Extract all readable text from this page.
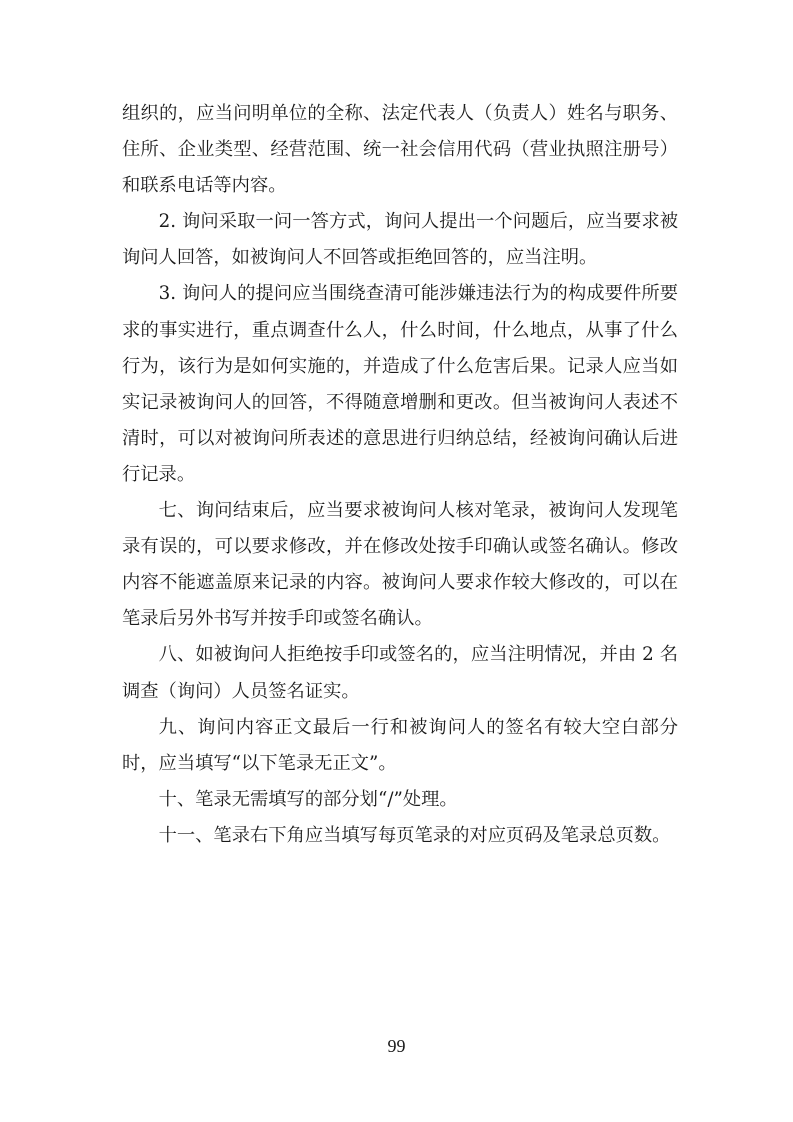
组织的，应当问明单位的全称、法定代表人（负责人）姓名与职务、住所、企业类型、经营范围、统一社会信用代码（营业执照注册号）和联系电话等内容。

2. 询问采取一问一答方式，询问人提出一个问题后，应当要求被询问人回答，如被询问人不回答或拒绝回答的，应当注明。

3. 询问人的提问应当围绕查清可能涉嫌违法行为的构成要件所要求的事实进行，重点调查什么人，什么时间，什么地点，从事了什么行为，该行为是如何实施的，并造成了什么危害后果。记录人应当如实记录被询问人的回答，不得随意增删和更改。但当被询问人表述不清时，可以对被询问所表述的意思进行归纳总结，经被询问确认后进行记录。

七、询问结束后，应当要求被询问人核对笔录，被询问人发现笔录有误的，可以要求修改，并在修改处按手印确认或签名确认。修改内容不能遮盖原来记录的内容。被询问人要求作较大修改的，可以在笔录后另外书写并按手印或签名确认。

八、如被询问人拒绝按手印或签名的，应当注明情况，并由 2 名调查（询问）人员签名证实。

九、询问内容正文最后一行和被询问人的签名有较大空白部分时，应当填写“以下笔录无正文”。

十、笔录无需填写的部分划“/”处理。

十一、笔录右下角应当填写每页笔录的对应页码及笔录总页数。

99
